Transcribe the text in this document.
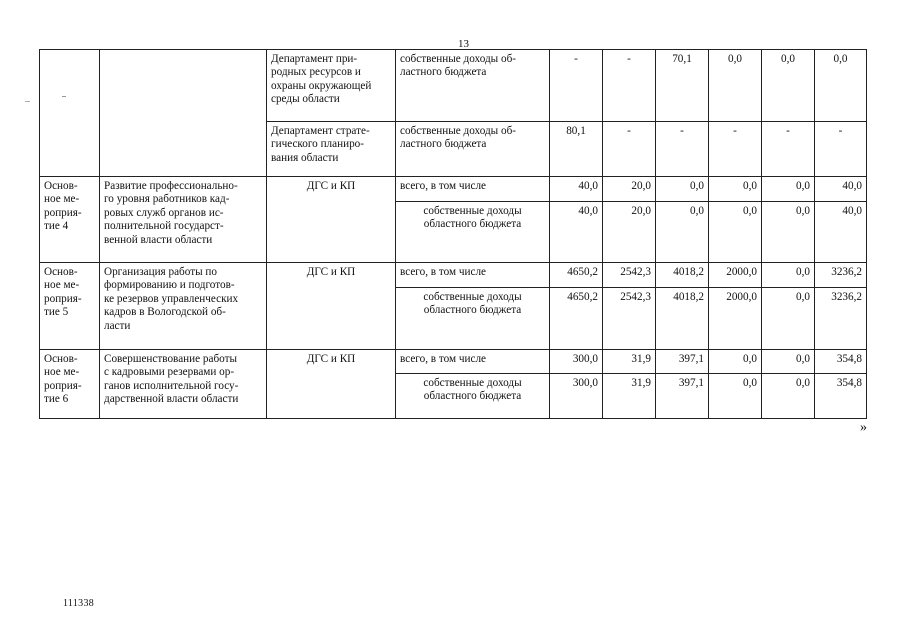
13
		Департамент при-
родных ресурсов и
охраны окружающей
среды области	собственные доходы об-
ластного бюджета	-	-	70,1	0,0	0,0	0,0
		Департамент страте-
гического планиро-
вания области	собственные доходы об-
ластного бюджета	80,1	-	-	-	-	-
Основ-
ное ме-
роприя-
тие 4	Развитие профессионально-
го уровня работников кад-
ровых служб органов ис-
полнительной государст-
венной власти области	ДГС и КП	всего, в том числе	40,0	20,0	0,0	0,0	0,0	40,0
			собственные доходы
областного бюджета	40,0	20,0	0,0	0,0	0,0	40,0
Основ-
ное ме-
роприя-
тие 5	Организация работы по
формированию и подготов-
ке резервов управленческих
кадров в Вологодской об-
ласти	ДГС и КП	всего, в том числе	4650,2	2542,3	4018,2	2000,0	0,0	3236,2
			собственные доходы
областного бюджета	4650,2	2542,3	4018,2	2000,0	0,0	3236,2
Основ-
ное ме-
роприя-
тие 6	Совершенствование работы
с кадровыми резервами ор-
ганов исполнительной госу-
дарственной власти области	ДГС и КП	всего, в том числе	300,0	31,9	397,1	0,0	0,0	354,8
			собственные доходы
областного бюджета	300,0	31,9	397,1	0,0	0,0	354,8
»
111338
